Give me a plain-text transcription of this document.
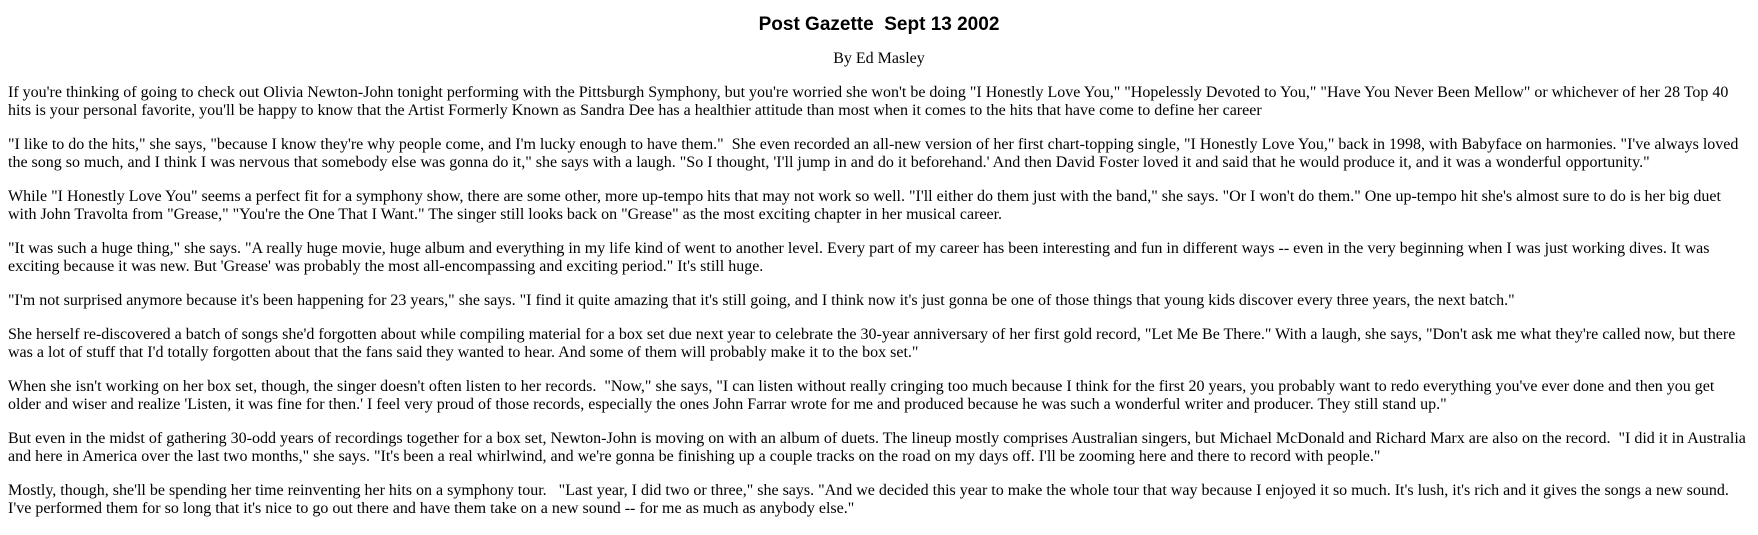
Post Gazette  Sept 13 2002
By Ed Masley

If you're thinking of going to check out Olivia Newton-John tonight performing with the Pittsburgh Symphony, but you're worried she won't be doing "I Honestly Love You," "Hopelessly Devoted to You," "Have You Never Been Mellow" or whichever of her 28 Top 40 hits is your personal favorite, you'll be happy to know that the Artist Formerly Known as Sandra Dee has a healthier attitude than most when it comes to the hits that have come to define her career

"I like to do the hits," she says, "because I know they're why people come, and I'm lucky enough to have them."  She even recorded an all-new version of her first chart-topping single, "I Honestly Love You," back in 1998, with Babyface on harmonies. "I've always loved the song so much, and I think I was nervous that somebody else was gonna do it," she says with a laugh. "So I thought, 'I'll jump in and do it beforehand.' And then David Foster loved it and said that he would produce it, and it was a wonderful opportunity."

While "I Honestly Love You" seems a perfect fit for a symphony show, there are some other, more up-tempo hits that may not work so well. "I'll either do them just with the band," she says. "Or I won't do them." One up-tempo hit she's almost sure to do is her big duet with John Travolta from "Grease," "You're the One That I Want." The singer still looks back on "Grease" as the most exciting chapter in her musical career.

"It was such a huge thing," she says. "A really huge movie, huge album and everything in my life kind of went to another level. Every part of my career has been interesting and fun in different ways -- even in the very beginning when I was just working dives. It was exciting because it was new. But 'Grease' was probably the most all-encompassing and exciting period." It's still huge.

"I'm not surprised anymore because it's been happening for 23 years," she says. "I find it quite amazing that it's still going, and I think now it's just gonna be one of those things that young kids discover every three years, the next batch."

She herself re-discovered a batch of songs she'd forgotten about while compiling material for a box set due next year to celebrate the 30-year anniversary of her first gold record, "Let Me Be There." With a laugh, she says, "Don't ask me what they're called now, but there was a lot of stuff that I'd totally forgotten about that the fans said they wanted to hear. And some of them will probably make it to the box set."

When she isn't working on her box set, though, the singer doesn't often listen to her records.  "Now," she says, "I can listen without really cringing too much because I think for the first 20 years, you probably want to redo everything you've ever done and then you get older and wiser and realize 'Listen, it was fine for then.' I feel very proud of those records, especially the ones John Farrar wrote for me and produced because he was such a wonderful writer and producer. They still stand up."

But even in the midst of gathering 30-odd years of recordings together for a box set, Newton-John is moving on with an album of duets. The lineup mostly comprises Australian singers, but Michael McDonald and Richard Marx are also on the record.  "I did it in Australia and here in America over the last two months," she says. "It's been a real whirlwind, and we're gonna be finishing up a couple tracks on the road on my days off. I'll be zooming here and there to record with people."

Mostly, though, she'll be spending her time reinventing her hits on a symphony tour.   "Last year, I did two or three," she says. "And we decided this year to make the whole tour that way because I enjoyed it so much. It's lush, it's rich and it gives the songs a new sound. I've performed them for so long that it's nice to go out there and have them take on a new sound -- for me as much as anybody else."
